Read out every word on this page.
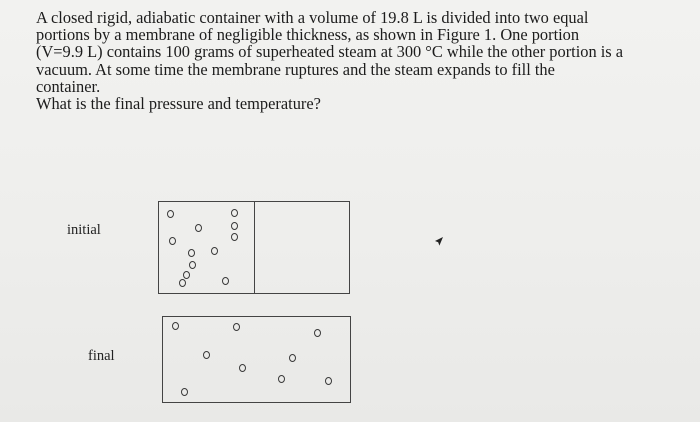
A closed rigid, adiabatic container with a volume of 19.8 L is divided into two equal
portions by a membrane of negligible thickness, as shown in Figure 1. One portion
(V=9.9 L) contains 100 grams of superheated steam at 300 °C while the other portion is a
vacuum. At some time the membrane ruptures and the steam expands to fill the
container.
What is the final pressure and temperature?
initial
final
